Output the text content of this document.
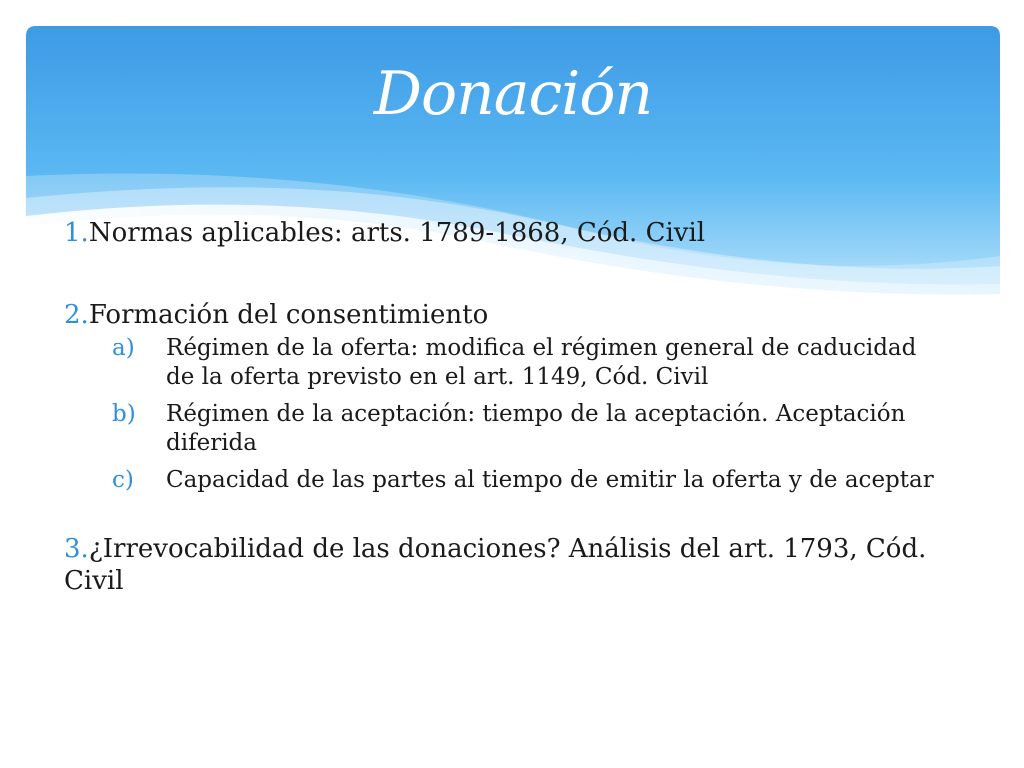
Donación

1.Normas aplicables: arts. 1789-1868, Cód. Civil

2.Formación del consentimiento

a) Régimen de la oferta: modifica el régimen general de caducidad de la oferta previsto en el art. 1149, Cód. Civil

b) Régimen de la aceptación: tiempo de la aceptación. Aceptación diferida

c) Capacidad de las partes al tiempo de emitir la oferta y de aceptar

3.¿Irrevocabilidad de las donaciones? Análisis del art. 1793, Cód. Civil
